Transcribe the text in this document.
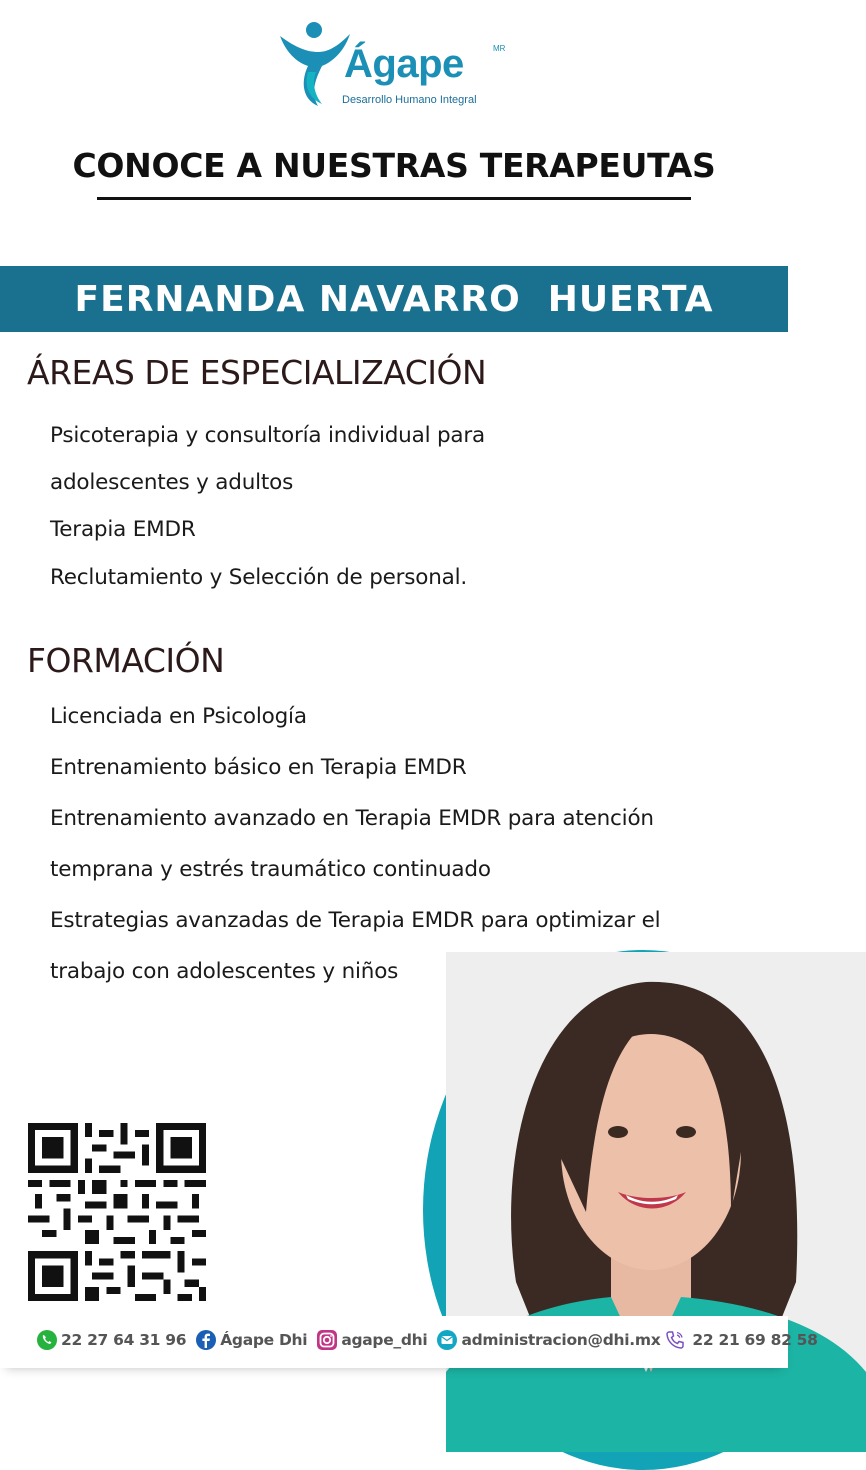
Ágape	MR
Desarrollo Humano Integral
CONOCE A NUESTRAS TERAPEUTAS
FERNANDA NAVARRO  HUERTA
ÁREAS DE ESPECIALIZACIÓN
Psicoterapia y consultoría individual para
adolescentes y adultos
Terapia EMDR
Reclutamiento y Selección de personal.
FORMACIÓN
Licenciada en Psicología
Entrenamiento básico en Terapia EMDR
Entrenamiento avanzado en Terapia EMDR para atención
temprana y estrés traumático continuado
Estrategias avanzadas de Terapia EMDR para optimizar el
trabajo con adolescentes y niños
22 27 64 31 96 Ágape Dhi agape_dhi administracion@dhi.mx 22 21 69 82 58
